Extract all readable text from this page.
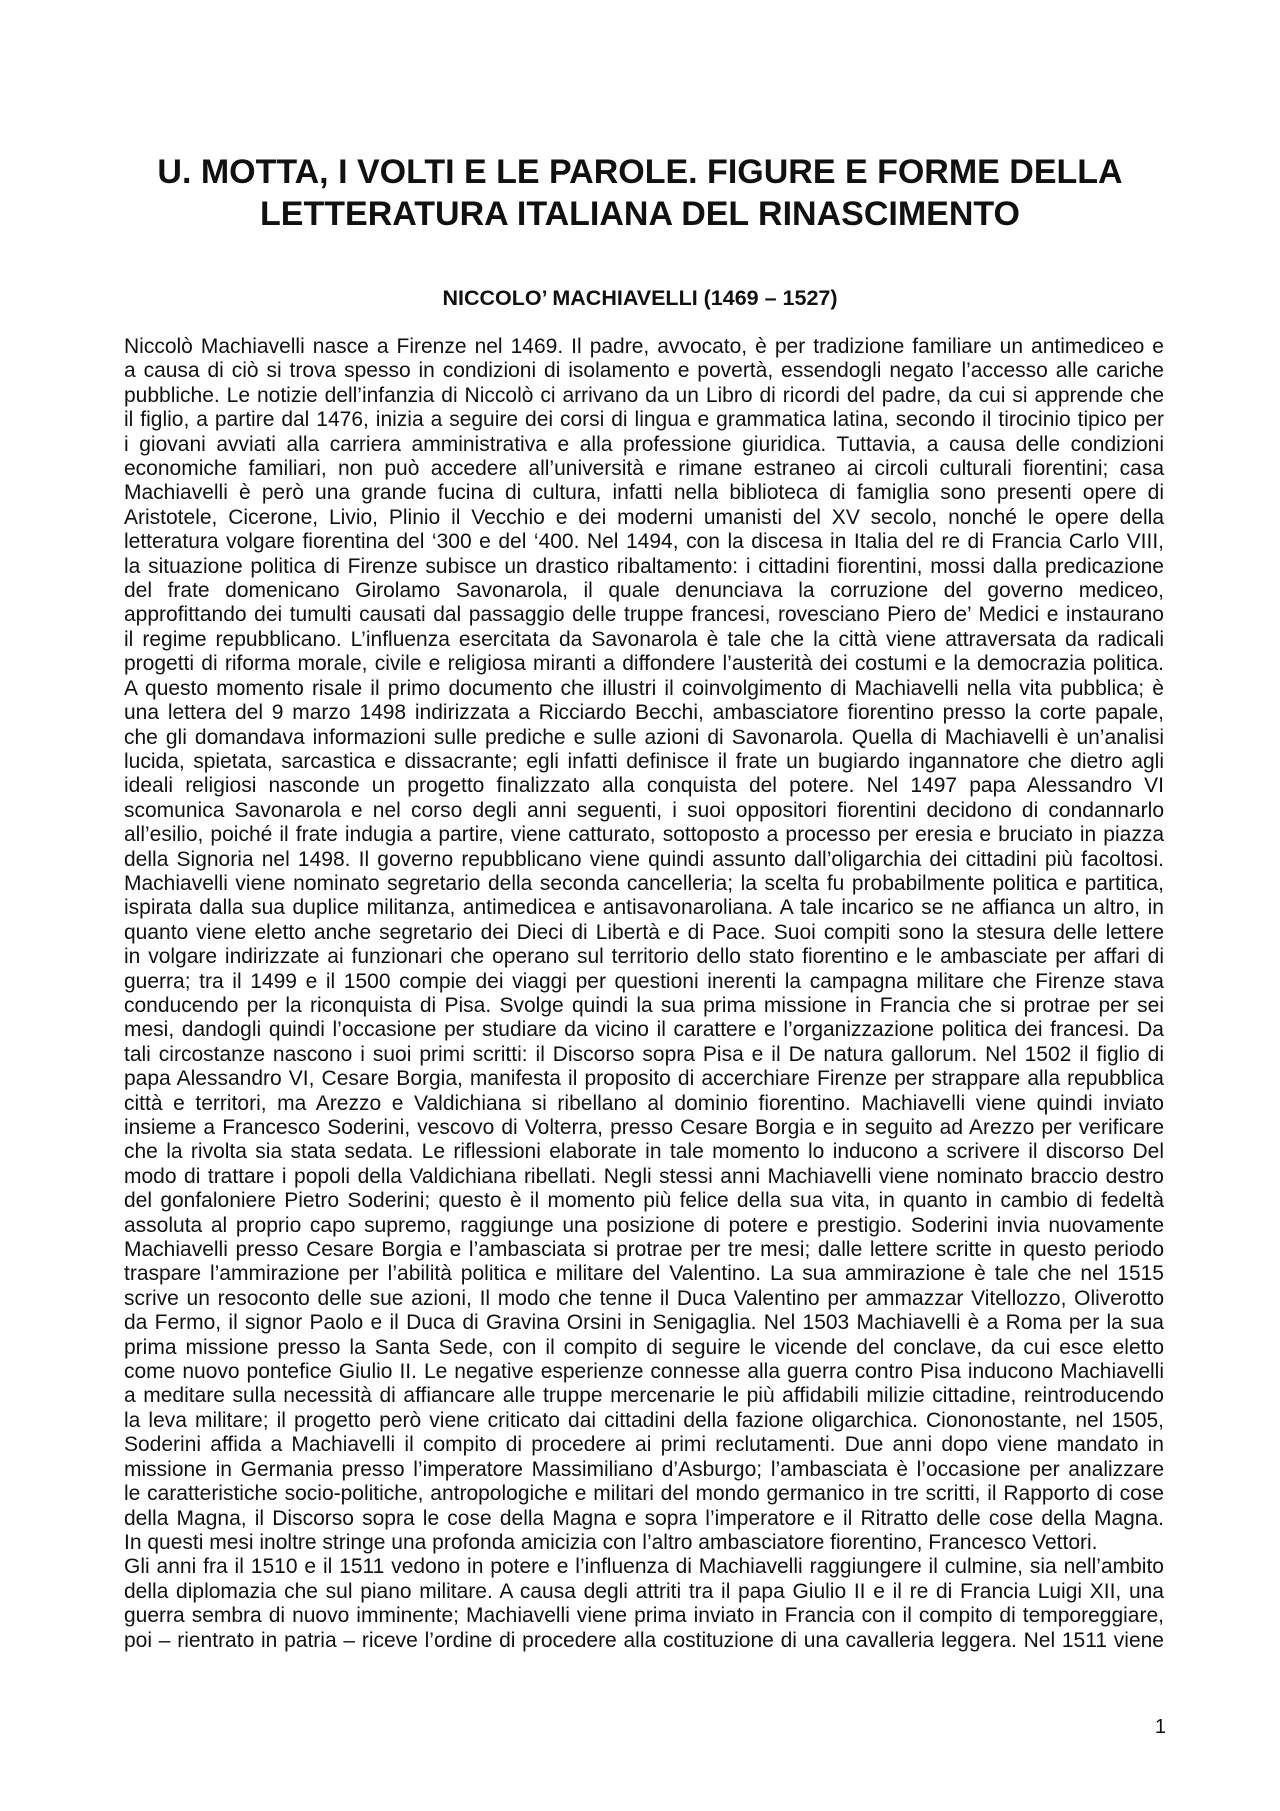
U. MOTTA, I VOLTI E LE PAROLE. FIGURE E FORME DELLA
LETTERATURA ITALIANA DEL RINASCIMENTO
NICCOLO’ MACHIAVELLI (1469 – 1527)
Niccolò Machiavelli nasce a Firenze nel 1469. Il padre, avvocato, è per tradizione familiare un antimediceo e
a causa di ciò si trova spesso in condizioni di isolamento e povertà, essendogli negato l’accesso alle cariche
pubbliche. Le notizie dell’infanzia di Niccolò ci arrivano da un Libro di ricordi del padre, da cui si apprende che
il figlio, a partire dal 1476, inizia a seguire dei corsi di lingua e grammatica latina, secondo il tirocinio tipico per
i giovani avviati alla carriera amministrativa e alla professione giuridica. Tuttavia, a causa delle condizioni
economiche familiari, non può accedere all’università e rimane estraneo ai circoli culturali fiorentini; casa
Machiavelli è però una grande fucina di cultura, infatti nella biblioteca di famiglia sono presenti opere di
Aristotele, Cicerone, Livio, Plinio il Vecchio e dei moderni umanisti del XV secolo, nonché le opere della
letteratura volgare fiorentina del ‘300 e del ‘400. Nel 1494, con la discesa in Italia del re di Francia Carlo VIII,
la situazione politica di Firenze subisce un drastico ribaltamento: i cittadini fiorentini, mossi dalla predicazione
del frate domenicano Girolamo Savonarola, il quale denunciava la corruzione del governo mediceo,
approfittando dei tumulti causati dal passaggio delle truppe francesi, rovesciano Piero de’ Medici e instaurano
il regime repubblicano. L’influenza esercitata da Savonarola è tale che la città viene attraversata da radicali
progetti di riforma morale, civile e religiosa miranti a diffondere l’austerità dei costumi e la democrazia politica.
A questo momento risale il primo documento che illustri il coinvolgimento di Machiavelli nella vita pubblica; è
una lettera del 9 marzo 1498 indirizzata a Ricciardo Becchi, ambasciatore fiorentino presso la corte papale,
che gli domandava informazioni sulle prediche e sulle azioni di Savonarola. Quella di Machiavelli è un’analisi
lucida, spietata, sarcastica e dissacrante; egli infatti definisce il frate un bugiardo ingannatore che dietro agli
ideali religiosi nasconde un progetto finalizzato alla conquista del potere. Nel 1497 papa Alessandro VI
scomunica Savonarola e nel corso degli anni seguenti, i suoi oppositori fiorentini decidono di condannarlo
all’esilio, poiché il frate indugia a partire, viene catturato, sottoposto a processo per eresia e bruciato in piazza
della Signoria nel 1498. Il governo repubblicano viene quindi assunto dall’oligarchia dei cittadini più facoltosi.
Machiavelli viene nominato segretario della seconda cancelleria; la scelta fu probabilmente politica e partitica,
ispirata dalla sua duplice militanza, antimedicea e antisavonaroliana. A tale incarico se ne affianca un altro, in
quanto viene eletto anche segretario dei Dieci di Libertà e di Pace. Suoi compiti sono la stesura delle lettere
in volgare indirizzate ai funzionari che operano sul territorio dello stato fiorentino e le ambasciate per affari di
guerra; tra il 1499 e il 1500 compie dei viaggi per questioni inerenti la campagna militare che Firenze stava
conducendo per la riconquista di Pisa. Svolge quindi la sua prima missione in Francia che si protrae per sei
mesi, dandogli quindi l’occasione per studiare da vicino il carattere e l’organizzazione politica dei francesi. Da
tali circostanze nascono i suoi primi scritti: il Discorso sopra Pisa e il De natura gallorum. Nel 1502 il figlio di
papa Alessandro VI, Cesare Borgia, manifesta il proposito di accerchiare Firenze per strappare alla repubblica
città e territori, ma Arezzo e Valdichiana si ribellano al dominio fiorentino. Machiavelli viene quindi inviato
insieme a Francesco Soderini, vescovo di Volterra, presso Cesare Borgia e in seguito ad Arezzo per verificare
che la rivolta sia stata sedata. Le riflessioni elaborate in tale momento lo inducono a scrivere il discorso Del
modo di trattare i popoli della Valdichiana ribellati. Negli stessi anni Machiavelli viene nominato braccio destro
del gonfaloniere Pietro Soderini; questo è il momento più felice della sua vita, in quanto in cambio di fedeltà
assoluta al proprio capo supremo, raggiunge una posizione di potere e prestigio. Soderini invia nuovamente
Machiavelli presso Cesare Borgia e l’ambasciata si protrae per tre mesi; dalle lettere scritte in questo periodo
traspare l’ammirazione per l’abilità politica e militare del Valentino. La sua ammirazione è tale che nel 1515
scrive un resoconto delle sue azioni, Il modo che tenne il Duca Valentino per ammazzar Vitellozzo, Oliverotto
da Fermo, il signor Paolo e il Duca di Gravina Orsini in Senigaglia. Nel 1503 Machiavelli è a Roma per la sua
prima missione presso la Santa Sede, con il compito di seguire le vicende del conclave, da cui esce eletto
come nuovo pontefice Giulio II. Le negative esperienze connesse alla guerra contro Pisa inducono Machiavelli
a meditare sulla necessità di affiancare alle truppe mercenarie le più affidabili milizie cittadine, reintroducendo
la leva militare; il progetto però viene criticato dai cittadini della fazione oligarchica. Ciononostante, nel 1505,
Soderini affida a Machiavelli il compito di procedere ai primi reclutamenti. Due anni dopo viene mandato in
missione in Germania presso l’imperatore Massimiliano d’Asburgo; l’ambasciata è l’occasione per analizzare
le caratteristiche socio-politiche, antropologiche e militari del mondo germanico in tre scritti, il Rapporto di cose
della Magna, il Discorso sopra le cose della Magna e sopra l’imperatore e il Ritratto delle cose della Magna.
In questi mesi inoltre stringe una profonda amicizia con l’altro ambasciatore fiorentino, Francesco Vettori.
Gli anni fra il 1510 e il 1511 vedono in potere e l’influenza di Machiavelli raggiungere il culmine, sia nell’ambito
della diplomazia che sul piano militare. A causa degli attriti tra il papa Giulio II e il re di Francia Luigi XII, una
guerra sembra di nuovo imminente; Machiavelli viene prima inviato in Francia con il compito di temporeggiare,
poi – rientrato in patria – riceve l’ordine di procedere alla costituzione di una cavalleria leggera. Nel 1511 viene
1
